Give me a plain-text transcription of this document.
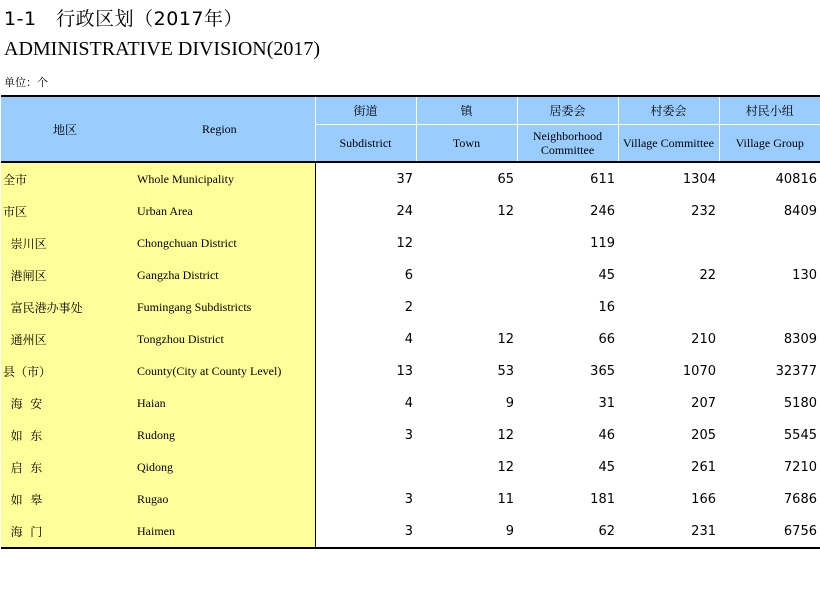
1-1   行政区划（2017年）
ADMINISTRATIVE DIVISION(2017)
单位：个
地区	Region	街道	镇	居委会	村委会	村民小组
		Subdistrict	Town	Neighborhood Committee	Village Committee	Village Group
全市	Whole Municipality	37	65	611	1304	40816
市区	Urban Area	24	12	246	232	8409
崇川区	Chongchuan District	12		119		
港闸区	Gangzha District	6		45	22	130
富民港办事处	Fumingang Subdistricts	2		16		
通州区	Tongzhou District	4	12	66	210	8309
县（市）	County(City at County Level)	13	53	365	1070	32377
海  安	Haian	4	9	31	207	5180
如  东	Rudong	3	12	46	205	5545
启  东	Qidong		12	45	261	7210
如  皋	Rugao	3	11	181	166	7686
海  门	Haimen	3	9	62	231	6756
